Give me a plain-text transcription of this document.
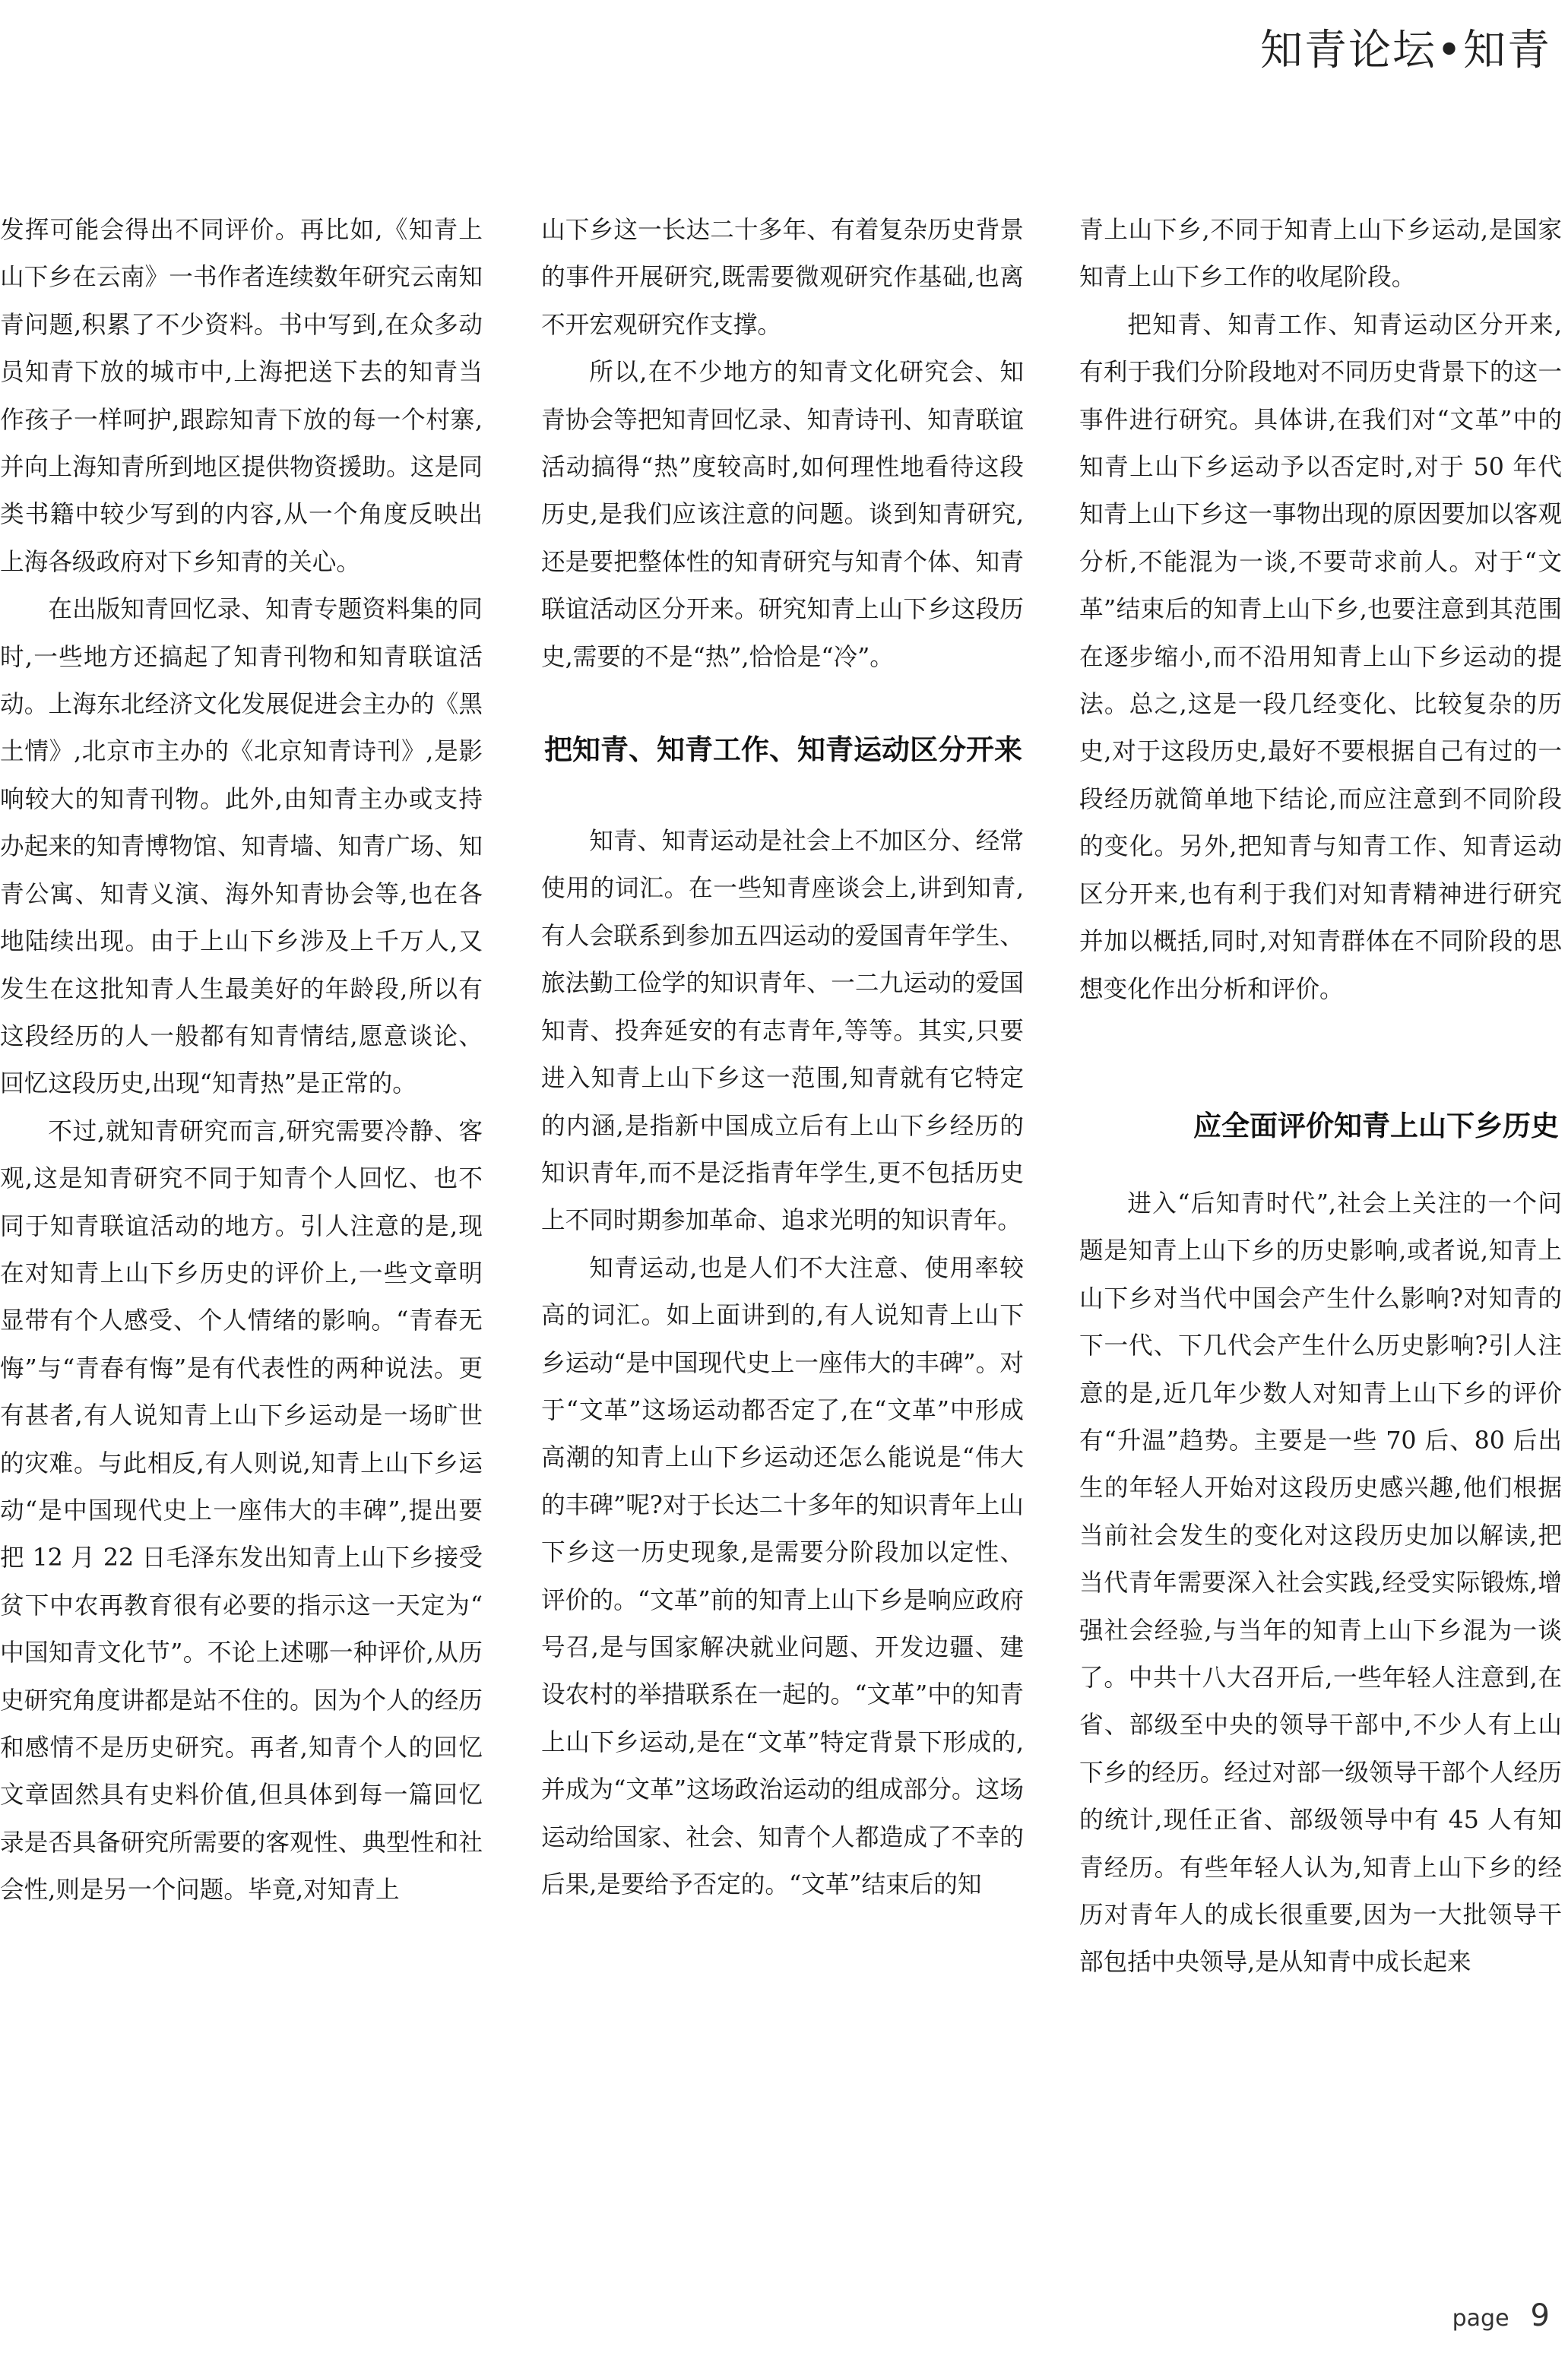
知青论坛•知青

发挥可能会得出不同评价。再比如,《知青上山下乡在云南》一书作者连续数年研究云南知青问题,积累了不少资料。书中写到,在众多动员知青下放的城市中,上海把送下去的知青当作孩子一样呵护,跟踪知青下放的每一个村寨,并向上海知青所到地区提供物资援助。这是同类书籍中较少写到的内容,从一个角度反映出上海各级政府对下乡知青的关心。

在出版知青回忆录、知青专题资料集的同时,一些地方还搞起了知青刊物和知青联谊活动。上海东北经济文化发展促进会主办的《黑土情》,北京市主办的《北京知青诗刊》,是影响较大的知青刊物。此外,由知青主办或支持办起来的知青博物馆、知青墙、知青广场、知青公寓、知青义演、海外知青协会等,也在各地陆续出现。由于上山下乡涉及上千万人,又发生在这批知青人生最美好的年龄段,所以有这段经历的人一般都有知青情结,愿意谈论、回忆这段历史,出现“知青热”是正常的。

不过,就知青研究而言,研究需要冷静、客观,这是知青研究不同于知青个人回忆、也不同于知青联谊活动的地方。引人注意的是,现在对知青上山下乡历史的评价上,一些文章明显带有个人感受、个人情绪的影响。“青春无悔”与“青春有悔”是有代表性的两种说法。更有甚者,有人说知青上山下乡运动是一场旷世的灾难。与此相反,有人则说,知青上山下乡运动“是中国现代史上一座伟大的丰碑”,提出要把 12 月 22 日毛泽东发出知青上山下乡接受贫下中农再教育很有必要的指示这一天定为“中国知青文化节”。不论上述哪一种评价,从历史研究角度讲都是站不住的。因为个人的经历和感情不是历史研究。再者,知青个人的回忆文章固然具有史料价值,但具体到每一篇回忆录是否具备研究所需要的客观性、典型性和社会性,则是另一个问题。毕竟,对知青上

山下乡这一长达二十多年、有着复杂历史背景的事件开展研究,既需要微观研究作基础,也离不开宏观研究作支撑。

所以,在不少地方的知青文化研究会、知青协会等把知青回忆录、知青诗刊、知青联谊活动搞得“热”度较高时,如何理性地看待这段历史,是我们应该注意的问题。谈到知青研究,还是要把整体性的知青研究与知青个体、知青联谊活动区分开来。研究知青上山下乡这段历史,需要的不是“热”,恰恰是“冷”。

把知青、知青工作、知青运动区分开来

知青、知青运动是社会上不加区分、经常使用的词汇。在一些知青座谈会上,讲到知青,有人会联系到参加五四运动的爱国青年学生、旅法勤工俭学的知识青年、一二九运动的爱国知青、投奔延安的有志青年,等等。其实,只要进入知青上山下乡这一范围,知青就有它特定的内涵,是指新中国成立后有上山下乡经历的知识青年,而不是泛指青年学生,更不包括历史上不同时期参加革命、追求光明的知识青年。

知青运动,也是人们不大注意、使用率较高的词汇。如上面讲到的,有人说知青上山下乡运动“是中国现代史上一座伟大的丰碑”。对于“文革”这场运动都否定了,在“文革”中形成高潮的知青上山下乡运动还怎么能说是“伟大的丰碑”呢?对于长达二十多年的知识青年上山下乡这一历史现象,是需要分阶段加以定性、评价的。“文革”前的知青上山下乡是响应政府号召,是与国家解决就业问题、开发边疆、建设农村的举措联系在一起的。“文革”中的知青上山下乡运动,是在“文革”特定背景下形成的,并成为“文革”这场政治运动的组成部分。这场运动给国家、社会、知青个人都造成了不幸的后果,是要给予否定的。“文革”结束后的知

青上山下乡,不同于知青上山下乡运动,是国家知青上山下乡工作的收尾阶段。

把知青、知青工作、知青运动区分开来,有利于我们分阶段地对不同历史背景下的这一事件进行研究。具体讲,在我们对“文革”中的知青上山下乡运动予以否定时,对于 50 年代知青上山下乡这一事物出现的原因要加以客观分析,不能混为一谈,不要苛求前人。对于“文革”结束后的知青上山下乡,也要注意到其范围在逐步缩小,而不沿用知青上山下乡运动的提法。总之,这是一段几经变化、比较复杂的历史,对于这段历史,最好不要根据自己有过的一段经历就简单地下结论,而应注意到不同阶段的变化。另外,把知青与知青工作、知青运动区分开来,也有利于我们对知青精神进行研究并加以概括,同时,对知青群体在不同阶段的思想变化作出分析和评价。

应全面评价知青上山下乡历史

进入“后知青时代”,社会上关注的一个问题是知青上山下乡的历史影响,或者说,知青上山下乡对当代中国会产生什么影响?对知青的下一代、下几代会产生什么历史影响?引人注意的是,近几年少数人对知青上山下乡的评价有“升温”趋势。主要是一些 70 后、80 后出生的年轻人开始对这段历史感兴趣,他们根据当前社会发生的变化对这段历史加以解读,把当代青年需要深入社会实践,经受实际锻炼,增强社会经验,与当年的知青上山下乡混为一谈了。中共十八大召开后,一些年轻人注意到,在省、部级至中央的领导干部中,不少人有上山下乡的经历。经过对部一级领导干部个人经历的统计,现任正省、部级领导中有 45 人有知青经历。有些年轻人认为,知青上山下乡的经历对青年人的成长很重要,因为一大批领导干部包括中央领导,是从知青中成长起来

page 9
